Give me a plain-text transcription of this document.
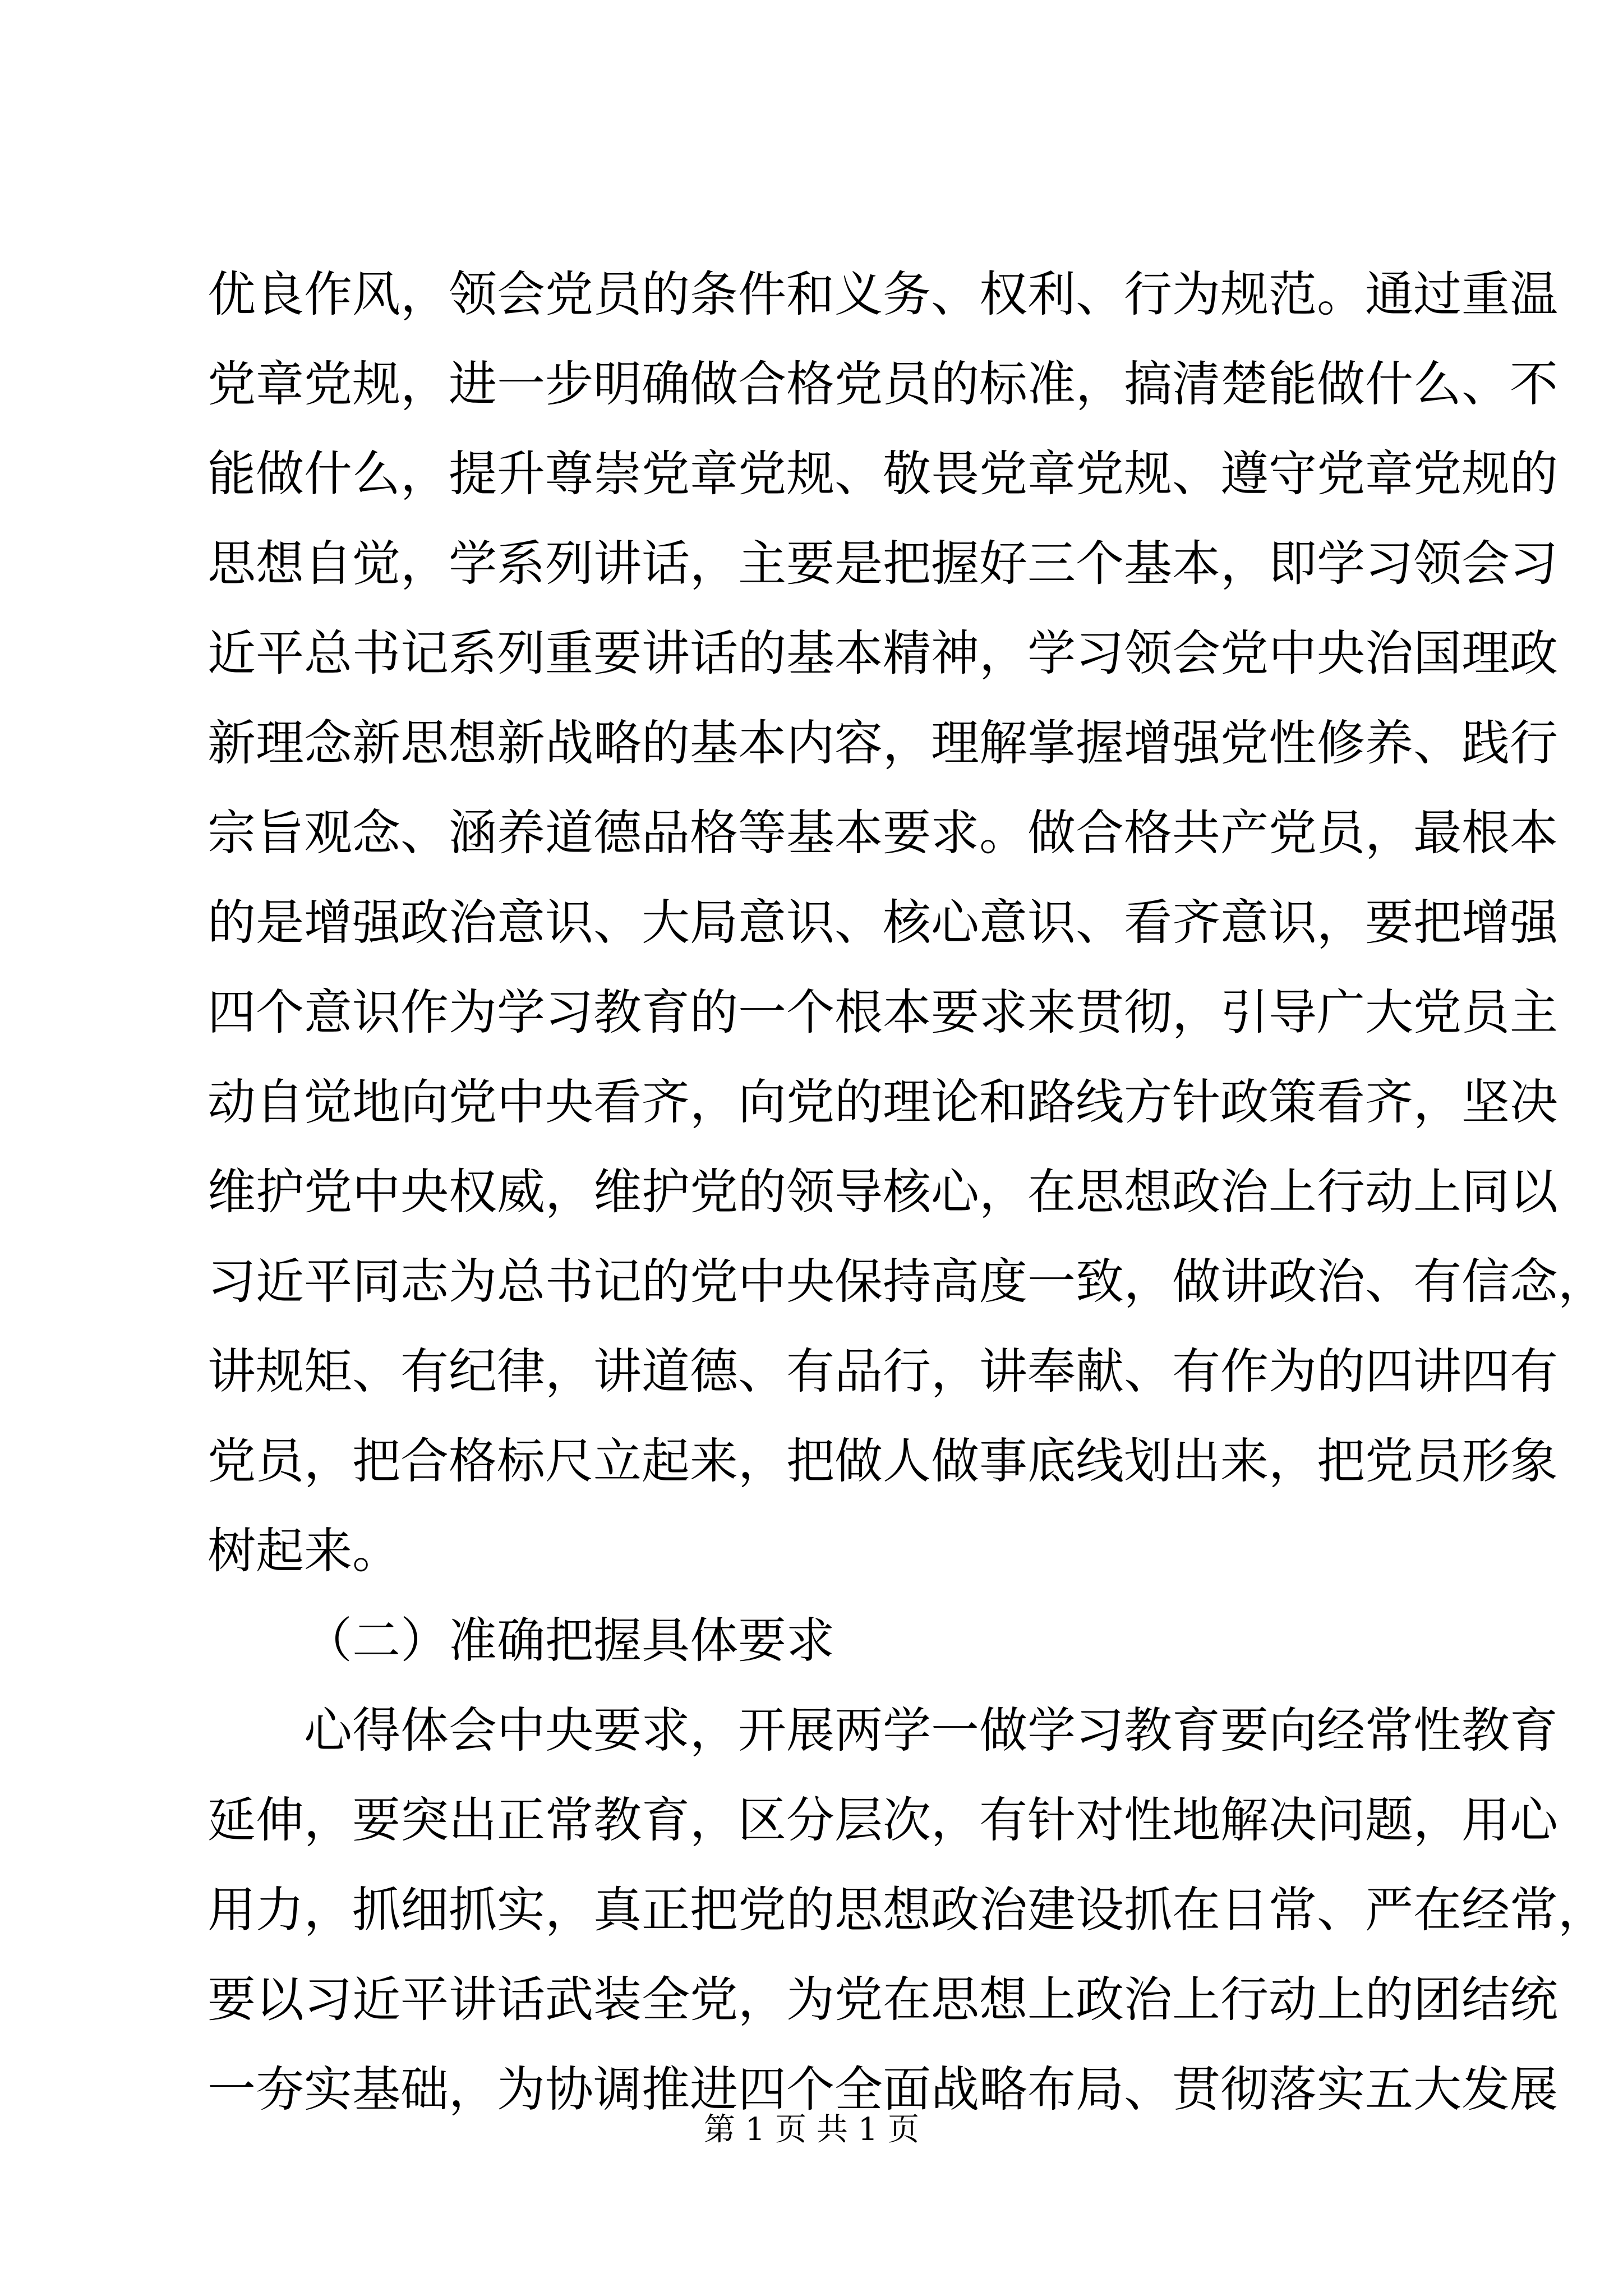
优良作风，领会党员的条件和义务、权利、行为规范。通过重温
党章党规，进一步明确做合格党员的标准，搞清楚能做什么、不
能做什么，提升尊崇党章党规、敬畏党章党规、遵守党章党规的
思想自觉，学系列讲话，主要是把握好三个基本，即学习领会习
近平总书记系列重要讲话的基本精神，学习领会党中央治国理政
新理念新思想新战略的基本内容，理解掌握增强党性修养、践行
宗旨观念、涵养道德品格等基本要求。做合格共产党员，最根本
的是增强政治意识、大局意识、核心意识、看齐意识，要把增强
四个意识作为学习教育的一个根本要求来贯彻，引导广大党员主
动自觉地向党中央看齐，向党的理论和路线方针政策看齐，坚决
维护党中央权威，维护党的领导核心，在思想政治上行动上同以
习近平同志为总书记的党中央保持高度一致，做讲政治、有信念，
讲规矩、有纪律，讲道德、有品行，讲奉献、有作为的四讲四有
党员，把合格标尺立起来，把做人做事底线划出来，把党员形象
树起来。
（二）准确把握具体要求
心得体会中央要求，开展两学一做学习教育要向经常性教育
延伸，要突出正常教育，区分层次，有针对性地解决问题，用心
用力，抓细抓实，真正把党的思想政治建设抓在日常、严在经常，
要以习近平讲话武装全党，为党在思想上政治上行动上的团结统
一夯实基础，为协调推进四个全面战略布局、贯彻落实五大发展
第 1 页 共 1 页
